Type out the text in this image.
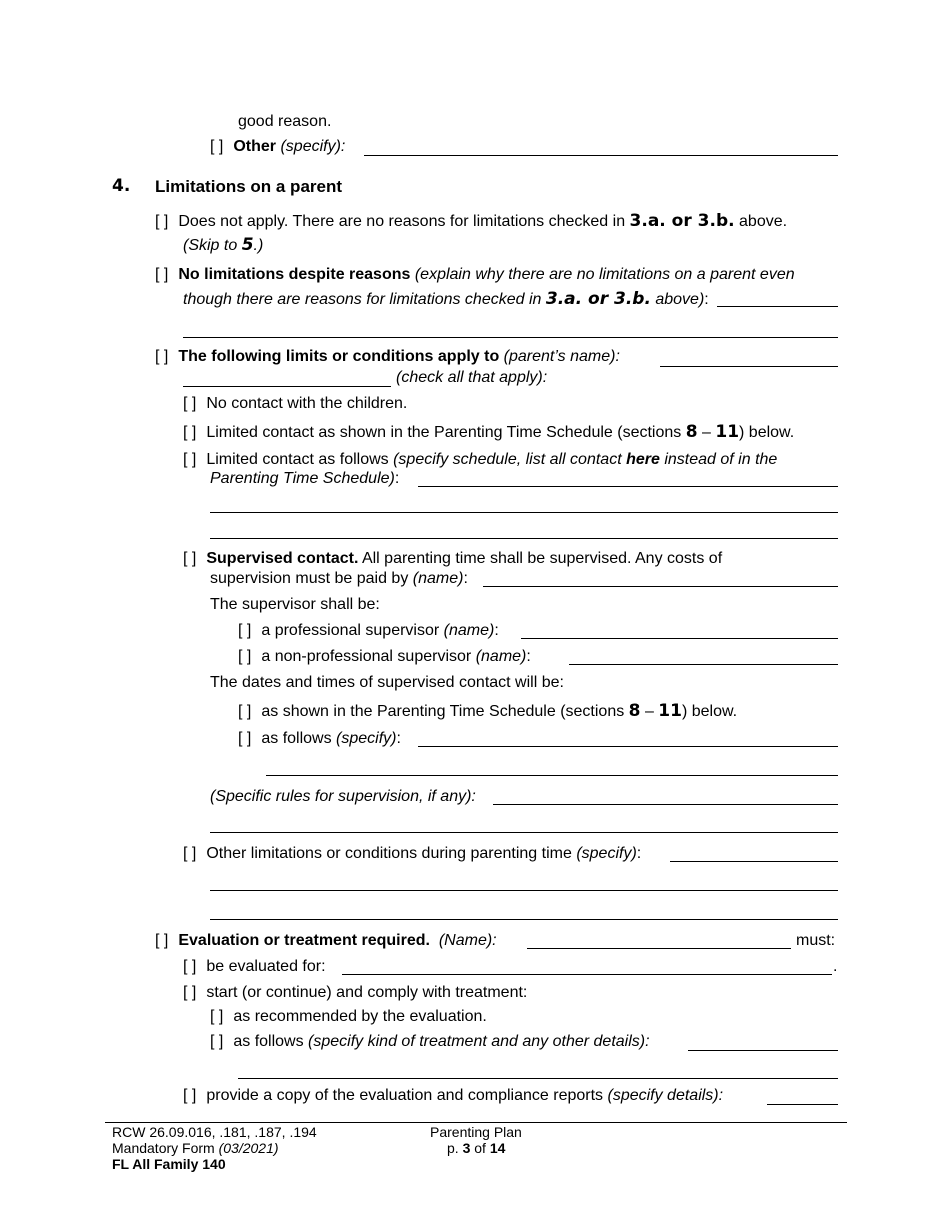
good reason.
[ ] Other (specify):
4. Limitations on a parent
[ ] Does not apply. There are no reasons for limitations checked in 3.a. or 3.b. above.
(Skip to 5.)
[ ] No limitations despite reasons (explain why there are no limitations on a parent even
though there are reasons for limitations checked in 3.a. or 3.b. above):
[ ] The following limits or conditions apply to (parent’s name):
(check all that apply):
[ ] No contact with the children.
[ ] Limited contact as shown in the Parenting Time Schedule (sections 8 – 11) below.
[ ] Limited contact as follows (specify schedule, list all contact here instead of in the
Parenting Time Schedule):
[ ] Supervised contact. All parenting time shall be supervised. Any costs of
supervision must be paid by (name):
The supervisor shall be:
[ ] a professional supervisor (name):
[ ] a non-professional supervisor (name):
The dates and times of supervised contact will be:
[ ] as shown in the Parenting Time Schedule (sections 8 – 11) below.
[ ] as follows (specify):
(Specific rules for supervision, if any):
[ ] Other limitations or conditions during parenting time (specify):
[ ] Evaluation or treatment required. (Name):	must:
[ ] be evaluated for:	.
[ ] start (or continue) and comply with treatment:
[ ] as recommended by the evaluation.
[ ] as follows (specify kind of treatment and any other details):
[ ] provide a copy of the evaluation and compliance reports (specify details):
RCW 26.09.016, .181, .187, .194
Mandatory Form (03/2021)
FL All Family 140
Parenting Plan
p. 3 of 14
